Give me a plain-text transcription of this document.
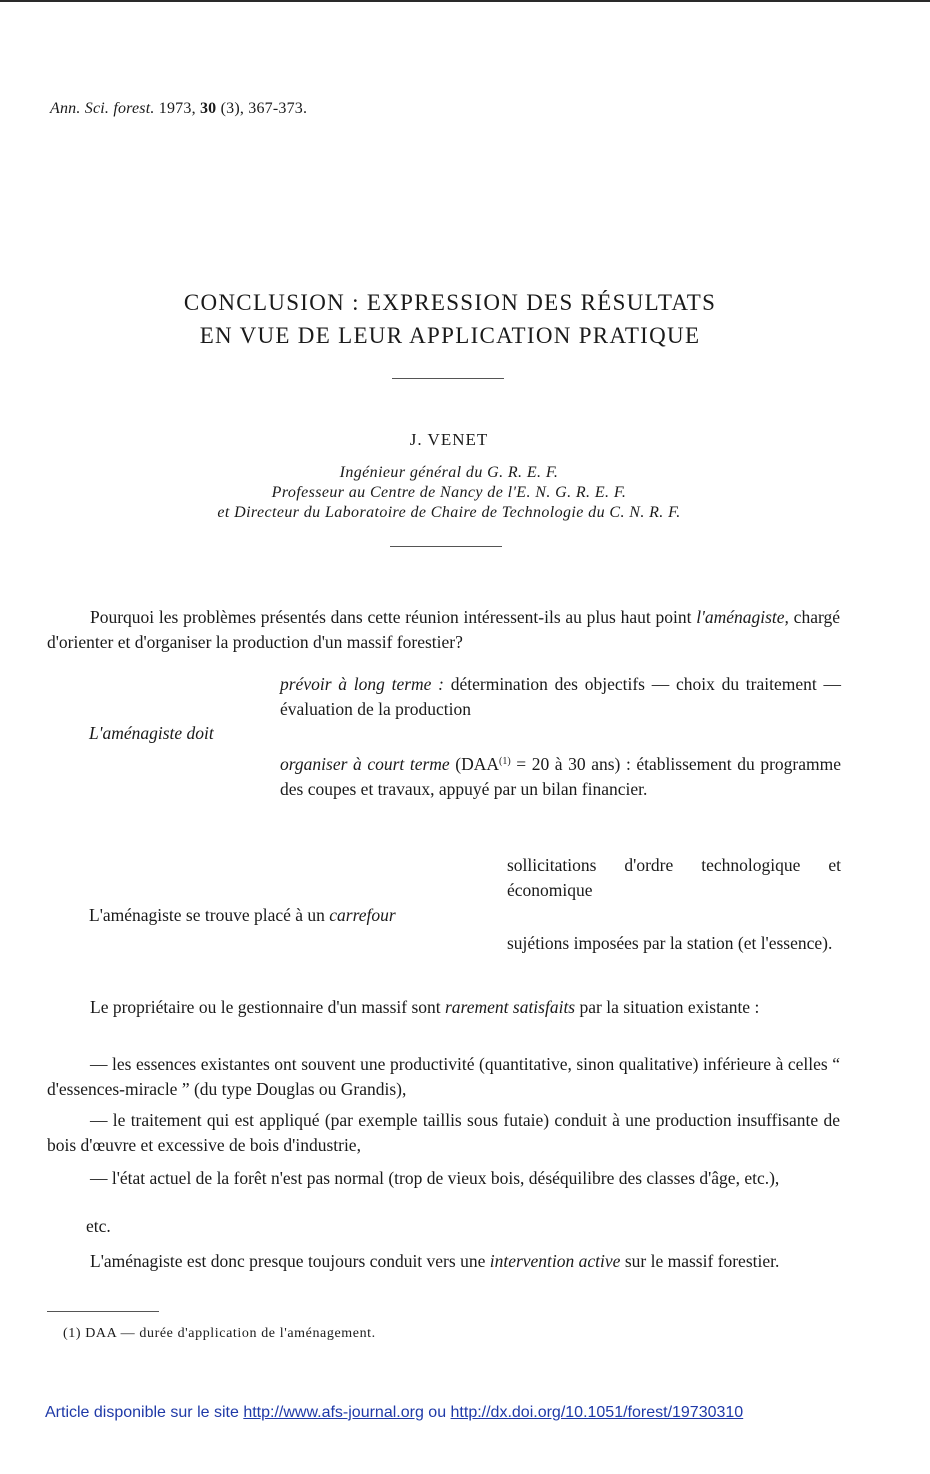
Ann. Sci. forest. 1973, 30 (3), 367-373.
CONCLUSION : EXPRESSION DES RÉSULTATS
EN VUE DE LEUR APPLICATION PRATIQUE
J. VENET
Ingénieur général du G. R. E. F.
Professeur au Centre de Nancy de l'E. N. G. R. E. F.
et Directeur du Laboratoire de Chaire de Technologie du C. N. R. F.
Pourquoi les problèmes présentés dans cette réunion intéressent-ils au plus haut point l'aménagiste, chargé d'orienter et d'organiser la production d'un massif forestier?
prévoir à long terme : détermination des objectifs — choix du traitement — évaluation de la production
L'aménagiste doit
organiser à court terme ($DAA^{(1)} = 20$ à 30 ans) : établissement du programme des coupes et travaux, appuyé par un bilan financier.
sollicitations d'ordre technologique et économique
L'aménagiste se trouve placé à un carrefour
sujétions imposées par la station (et l'essence).
Le propriétaire ou le gestionnaire d'un massif sont rarement satisfaits par la situation existante :
— les essences existantes ont souvent une productivité (quantitative, sinon qualitative) inférieure à celles “ d'essences-miracle ” (du type Douglas ou Grandis),
— le traitement qui est appliqué (par exemple taillis sous futaie) conduit à une production insuffisante de bois d'œuvre et excessive de bois d'industrie,
— l'état actuel de la forêt n'est pas normal (trop de vieux bois, déséquilibre des classes d'âge, etc.),
etc.
L'aménagiste est donc presque toujours conduit vers une intervention active sur le massif forestier.
(1) DAA — durée d'application de l'aménagement.
Article disponible sur le site http://www.afs-journal.org ou http://dx.doi.org/10.1051/forest/19730310
